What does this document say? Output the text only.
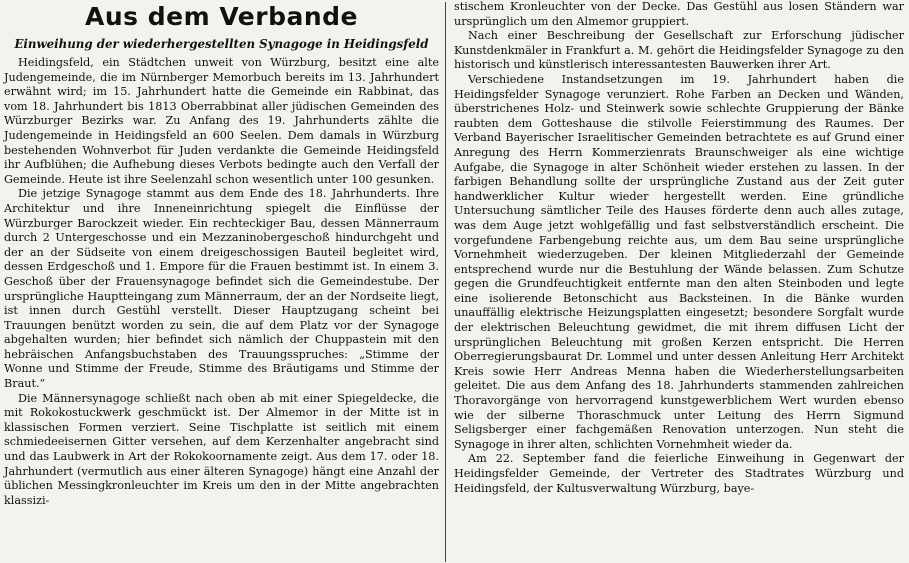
Aus dem Verbande
Einweihung der wiederhergestellten Synagoge in Heidingsfeld

Heidingsfeld, ein Städtchen unweit von Würzburg, besitzt eine alte Judengemeinde, die im Nürnberger Memorbuch bereits im 13. Jahrhundert erwähnt wird; im 15. Jahrhundert hatte die Gemeinde ein Rabbinat, das vom 18. Jahrhundert bis 1813 Oberrabbinat aller jüdischen Gemeinden des Würzburger Bezirks war. Zu Anfang des 19. Jahrhunderts zählte die Judengemeinde in Heidingsfeld an 600 Seelen. Dem damals in Würzburg bestehenden Wohnverbot für Juden verdankte die Gemeinde Heidingsfeld ihr Aufblühen; die Aufhebung dieses Verbots bedingte auch den Verfall der Gemeinde. Heute ist ihre Seelenzahl schon wesentlich unter 100 gesunken.

Die jetzige Synagoge stammt aus dem Ende des 18. Jahrhunderts. Ihre Architektur und ihre Inneneinrichtung spiegelt die Einflüsse der Würzburger Barockzeit wieder. Ein rechteckiger Bau, dessen Männerraum durch 2 Untergeschosse und ein Mezzaninobergeschoß hindurchgeht und der an der Südseite von einem dreigeschossigen Bauteil begleitet wird, dessen Erdgeschoß und 1. Empore für die Frauen bestimmt ist. In einem 3. Geschoß über der Frauensynagoge befindet sich die Gemeindestube. Der ursprüngliche Hauptteingang zum Männerraum, der an der Nordseite liegt, ist innen durch Gestühl verstellt. Dieser Hauptzugang scheint bei Trauungen benützt worden zu sein, die auf dem Platz vor der Synagoge abgehalten wurden; hier befindet sich nämlich der Chuppastein mit den hebräischen Anfangsbuchstaben des Trauungsspruches: „Stimme der Wonne und Stimme der Freude, Stimme des Bräutigams und Stimme der Braut.“

Die Männersynagoge schließt nach oben ab mit einer Spiegeldecke, die mit Rokokostuckwerk geschmückt ist. Der Almemor in der Mitte ist in klassischen Formen verziert. Seine Tischplatte ist seitlich mit einem schmiedeeisernen Gitter versehen, auf dem Kerzenhalter angebracht sind und das Laubwerk in Art der Rokokoornamente zeigt. Aus dem 17. oder 18. Jahrhundert (vermutlich aus einer älteren Synagoge) hängt eine Anzahl der üblichen Messingkronleuchter im Kreis um den in der Mitte angebrachten klassizi-

stischem Kronleuchter von der Decke. Das Gestühl aus losen Ständern war ursprünglich um den Almemor gruppiert.

Nach einer Beschreibung der Gesellschaft zur Erforschung jüdischer Kunstdenkmäler in Frankfurt a. M. gehört die Heidingsfelder Synagoge zu den historisch und künstlerisch interessantesten Bauwerken ihrer Art.

Verschiedene Instandsetzungen im 19. Jahrhundert haben die Heidingsfelder Synagoge verunziert. Rohe Farben an Decken und Wänden, überstrichenes Holz- und Steinwerk sowie schlechte Gruppierung der Bänke raubten dem Gotteshause die stilvolle Feierstimmung des Raumes. Der Verband Bayerischer Israelitischer Gemeinden betrachtete es auf Grund einer Anregung des Herrn Kommerzienrats Braunschweiger als eine wichtige Aufgabe, die Synagoge in alter Schönheit wieder erstehen zu lassen. In der farbigen Behandlung sollte der ursprüngliche Zustand aus der Zeit guter handwerklicher Kultur wieder hergestellt werden. Eine gründliche Untersuchung sämtlicher Teile des Hauses förderte denn auch alles zutage, was dem Auge jetzt wohlgefällig und fast selbstverständlich erscheint. Die vorgefundene Farbengebung reichte aus, um dem Bau seine ursprüngliche Vornehmheit wiederzugeben. Der kleinen Mitgliederzahl der Gemeinde entsprechend wurde nur die Bestuhlung der Wände belassen. Zum Schutze gegen die Grundfeuchtigkeit entfernte man den alten Steinboden und legte eine isolierende Betonschicht aus Backsteinen. In die Bänke wurden unauffällig elektrische Heizungsplatten eingesetzt; besondere Sorgfalt wurde der elektrischen Beleuchtung gewidmet, die mit ihrem diffusen Licht der ursprünglichen Beleuchtung mit großen Kerzen entspricht. Die Herren Oberregierungsbaurat Dr. Lommel und unter dessen Anleitung Herr Architekt Kreis sowie Herr Andreas Menna haben die Wiederherstellungsarbeiten geleitet. Die aus dem Anfang des 18. Jahrhunderts stammenden zahlreichen Thoravorgänge von hervorragend kunstgewerblichem Wert wurden ebenso wie der silberne Thoraschmuck unter Leitung des Herrn Sigmund Seligsberger einer fachgemäßen Renovation unterzogen. Nun steht die Synagoge in ihrer alten, schlichten Vornehmheit wieder da.

Am 22. September fand die feierliche Einweihung in Gegenwart der Heidingsfelder Gemeinde, der Vertreter des Stadtrates Würzburg und Heidingsfeld, der Kultusverwaltung Würzburg, baye-
